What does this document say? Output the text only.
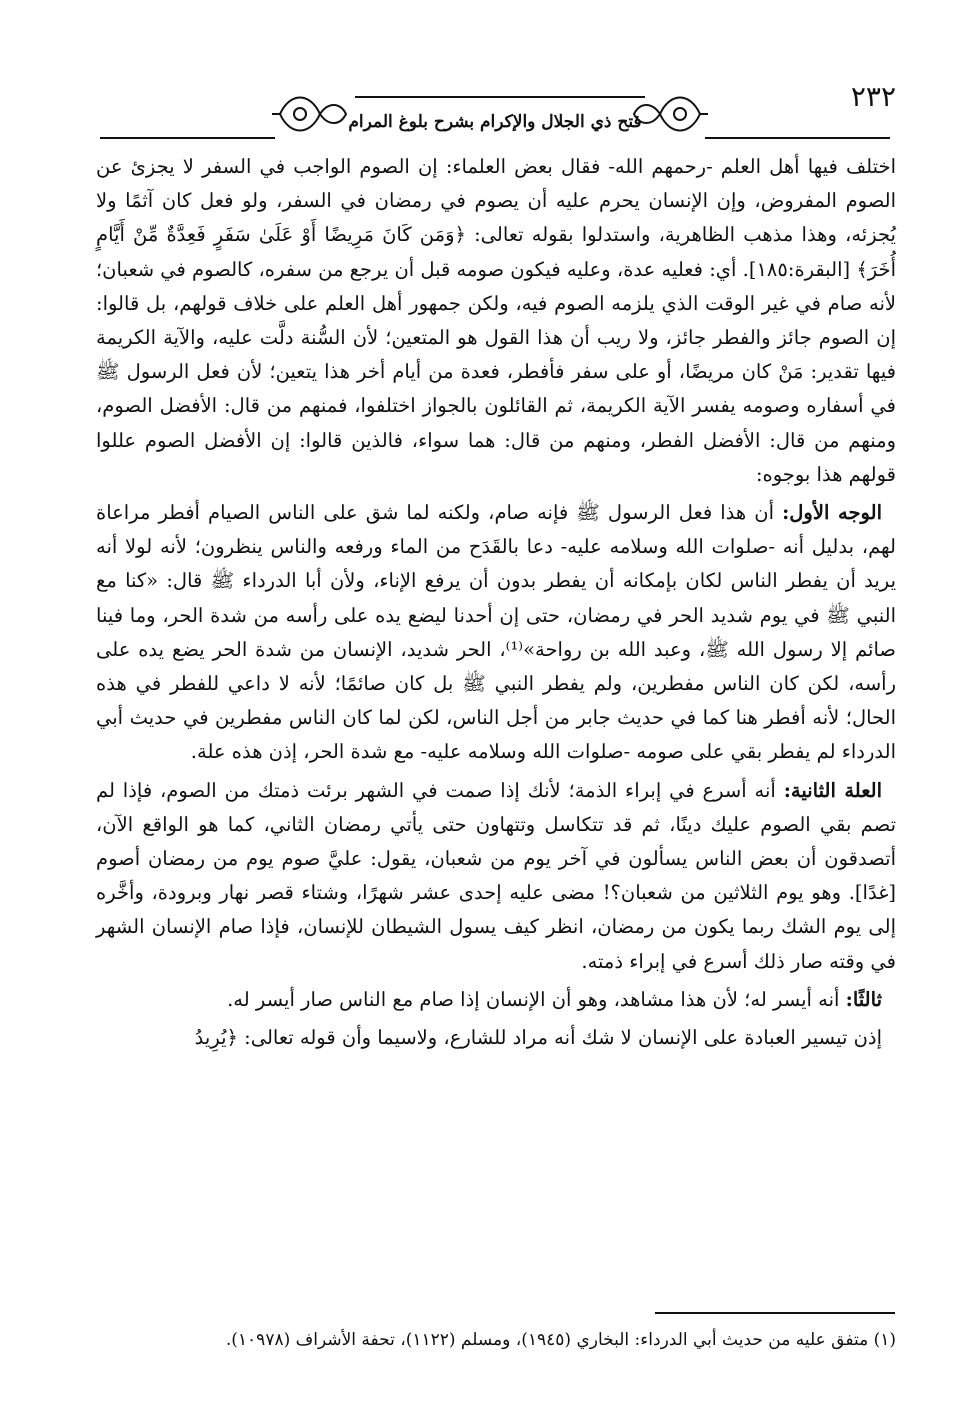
٢٣٢
فتح ذي الجلال والإكرام بشرح بلوغ المرام

اختلف فيها أهل العلم -رحمهم الله- فقال بعض العلماء: إن الصوم الواجب في السفر لا يجزئ عن الصوم المفروض، وإن الإنسان يحرم عليه أن يصوم في رمضان في السفر، ولو فعل كان آثمًا ولا يُجزئه، وهذا مذهب الظاهرية، واستدلوا بقوله تعالى: ﴿وَمَن كَانَ مَرِيضًا أَوْ عَلَىٰ سَفَرٍ فَعِدَّةٌ مِّنْ أَيَّامٍ أُخَرَ﴾ [البقرة:١٨٥]. أي: فعليه عدة، وعليه فيكون صومه قبل أن يرجع من سفره، كالصوم في شعبان؛ لأنه صام في غير الوقت الذي يلزمه الصوم فيه، ولكن جمهور أهل العلم على خلاف قولهم، بل قالوا: إن الصوم جائز والفطر جائز، ولا ريب أن هذا القول هو المتعين؛ لأن السُّنة دلَّت عليه، والآية الكريمة فيها تقدير: مَنْ كان مريضًا، أو على سفر فأفطر، فعدة من أيام أخر هذا يتعين؛ لأن فعل الرسول ﷺ في أسفاره وصومه يفسر الآية الكريمة، ثم القائلون بالجواز اختلفوا، فمنهم من قال: الأفضل الصوم، ومنهم من قال: الأفضل الفطر، ومنهم من قال: هما سواء، فالذين قالوا: إن الأفضل الصوم عللوا قولهم هذا بوجوه:

الوجه الأول: أن هذا فعل الرسول ﷺ فإنه صام، ولكنه لما شق على الناس الصيام أفطر مراعاة لهم، بدليل أنه -صلوات الله وسلامه عليه- دعا بالقَدَح من الماء ورفعه والناس ينظرون؛ لأنه لولا أنه يريد أن يفطر الناس لكان بإمكانه أن يفطر بدون أن يرفع الإناء، ولأن أبا الدرداء ﷺ قال: «كنا مع النبي ﷺ في يوم شديد الحر في رمضان، حتى إن أحدنا ليضع يده على رأسه من شدة الحر، وما فينا صائم إلا رسول الله ﷺ، وعبد الله بن رواحة»⁽¹⁾، الحر شديد، الإنسان من شدة الحر يضع يده على رأسه، لكن كان الناس مفطرين، ولم يفطر النبي ﷺ بل كان صائمًا؛ لأنه لا داعي للفطر في هذه الحال؛ لأنه أفطر هنا كما في حديث جابر من أجل الناس، لكن لما كان الناس مفطرين في حديث أبي الدرداء لم يفطر بقي على صومه -صلوات الله وسلامه عليه- مع شدة الحر، إذن هذه علة.

العلة الثانية: أنه أسرع في إبراء الذمة؛ لأنك إذا صمت في الشهر برئت ذمتك من الصوم، فإذا لم تصم بقي الصوم عليك دينًا، ثم قد تتكاسل وتتهاون حتى يأتي رمضان الثاني، كما هو الواقع الآن، أتصدقون أن بعض الناس يسألون في آخر يوم من شعبان، يقول: عليَّ صوم يوم من رمضان أصوم [غدًا]. وهو يوم الثلاثين من شعبان؟! مضى عليه إحدى عشر شهرًا، وشتاء قصر نهار وبرودة، وأخَّره إلى يوم الشك ربما يكون من رمضان، انظر كيف يسول الشيطان للإنسان، فإذا صام الإنسان الشهر في وقته صار ذلك أسرع في إبراء ذمته.

ثالثًا: أنه أيسر له؛ لأن هذا مشاهد، وهو أن الإنسان إذا صام مع الناس صار أيسر له.

إذن تيسير العبادة على الإنسان لا شك أنه مراد للشارع، ولاسيما وأن قوله تعالى: ﴿يُرِيدُ

(١) متفق عليه من حديث أبي الدرداء: البخاري (١٩٤٥)، ومسلم (١١٢٢)، تحفة الأشراف (١٠٩٧٨).
